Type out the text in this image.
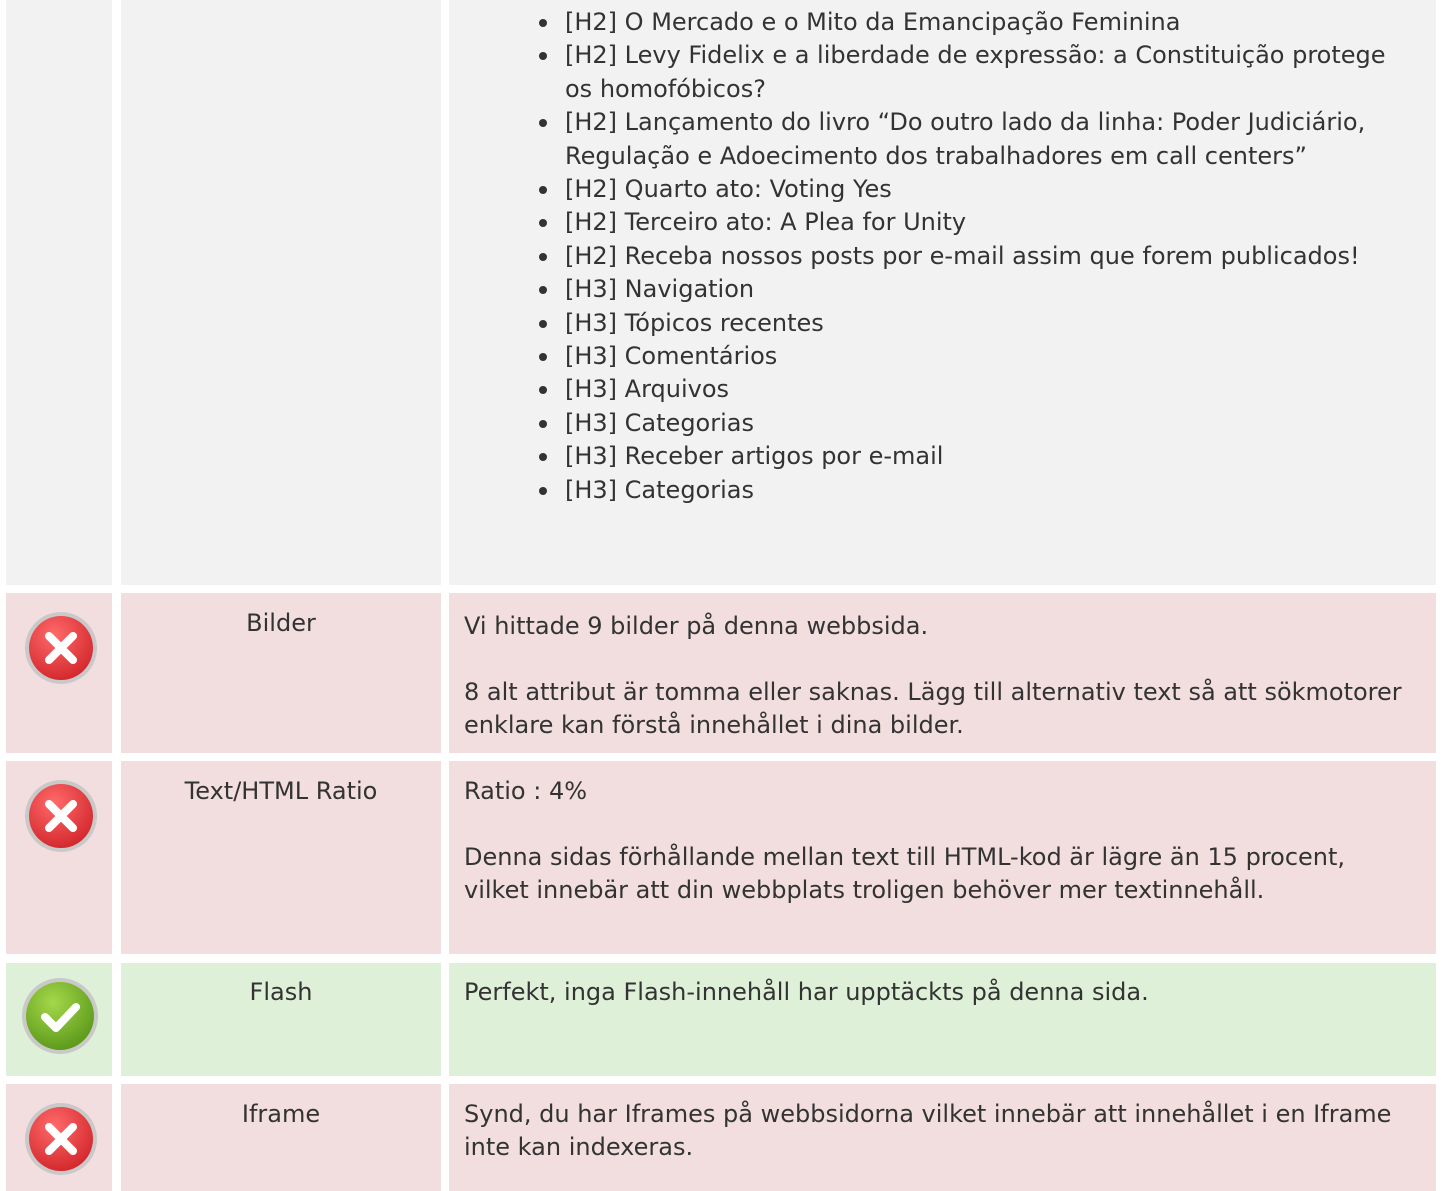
[H2] O Mercado e o Mito da Emancipação Feminina
[H2] Levy Fidelix e a liberdade de expressão: a Constituição protege os homofóbicos?
[H2] Lançamento do livro “Do outro lado da linha: Poder Judiciário, Regulação e Adoecimento dos trabalhadores em call centers”
[H2] Quarto ato: Voting Yes
[H2] Terceiro ato: A Plea for Unity
[H2] Receba nossos posts por e-mail assim que forem publicados!
[H3] Navigation
[H3] Tópicos recentes
[H3] Comentários
[H3] Arquivos
[H3] Categorias
[H3] Receber artigos por e-mail
[H3] Categorias
Bilder	Vi hittade 9 bilder på denna webbsida.

8 alt attribut är tomma eller saknas. Lägg till alternativ text så att sökmotorer enklare kan förstå innehållet i dina bilder.

Text/HTML Ratio	Ratio : 4%

Denna sidas förhållande mellan text till HTML-kod är lägre än 15 procent, vilket innebär att din webbplats troligen behöver mer textinnehåll.

Flash	Perfekt, inga Flash-innehåll har upptäckts på denna sida.

Iframe	Synd, du har Iframes på webbsidorna vilket innebär att innehållet i en Iframe inte kan indexeras.
